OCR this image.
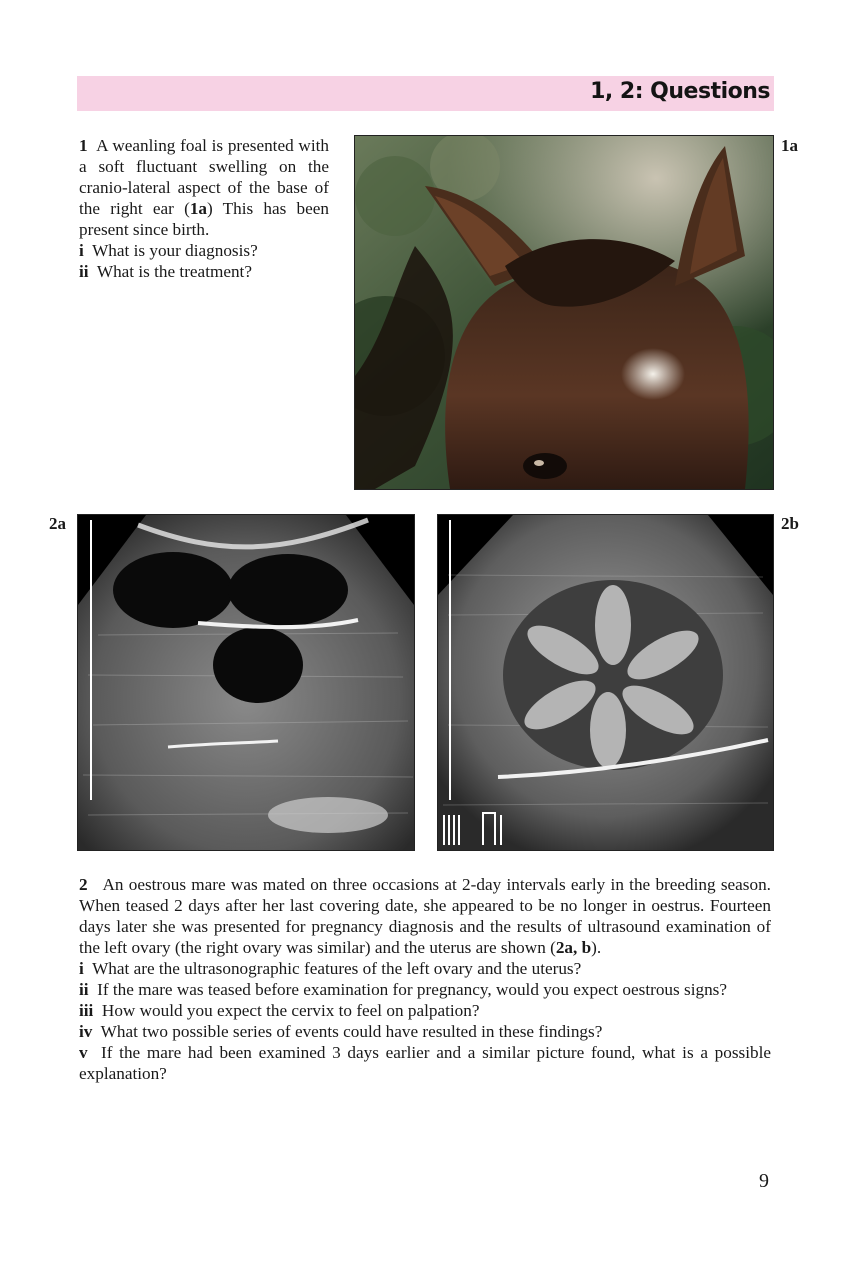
1, 2: Questions

1 A weanling foal is presented with a soft fluctuant swelling on the cranio-lateral aspect of the base of the right ear (1a) This has been present since birth.

i What is your diagnosis?

ii What is the treatment?

1a
2a	2b

2 An oestrous mare was mated on three occasions at 2-day intervals early in the breeding season. When teased 2 days after her last covering date, she appeared to be no longer in oestrus. Fourteen days later she was presented for pregnancy diagnosis and the results of ultrasound examination of the left ovary (the right ovary was similar) and the uterus are shown (2a, b).

i What are the ultrasonographic features of the left ovary and the uterus?

ii If the mare was teased before examination for pregnancy, would you expect oestrous signs?

iii How would you expect the cervix to feel on palpation?

iv What two possible series of events could have resulted in these findings?

v If the mare had been examined 3 days earlier and a similar picture found, what is a possible explanation?

9
